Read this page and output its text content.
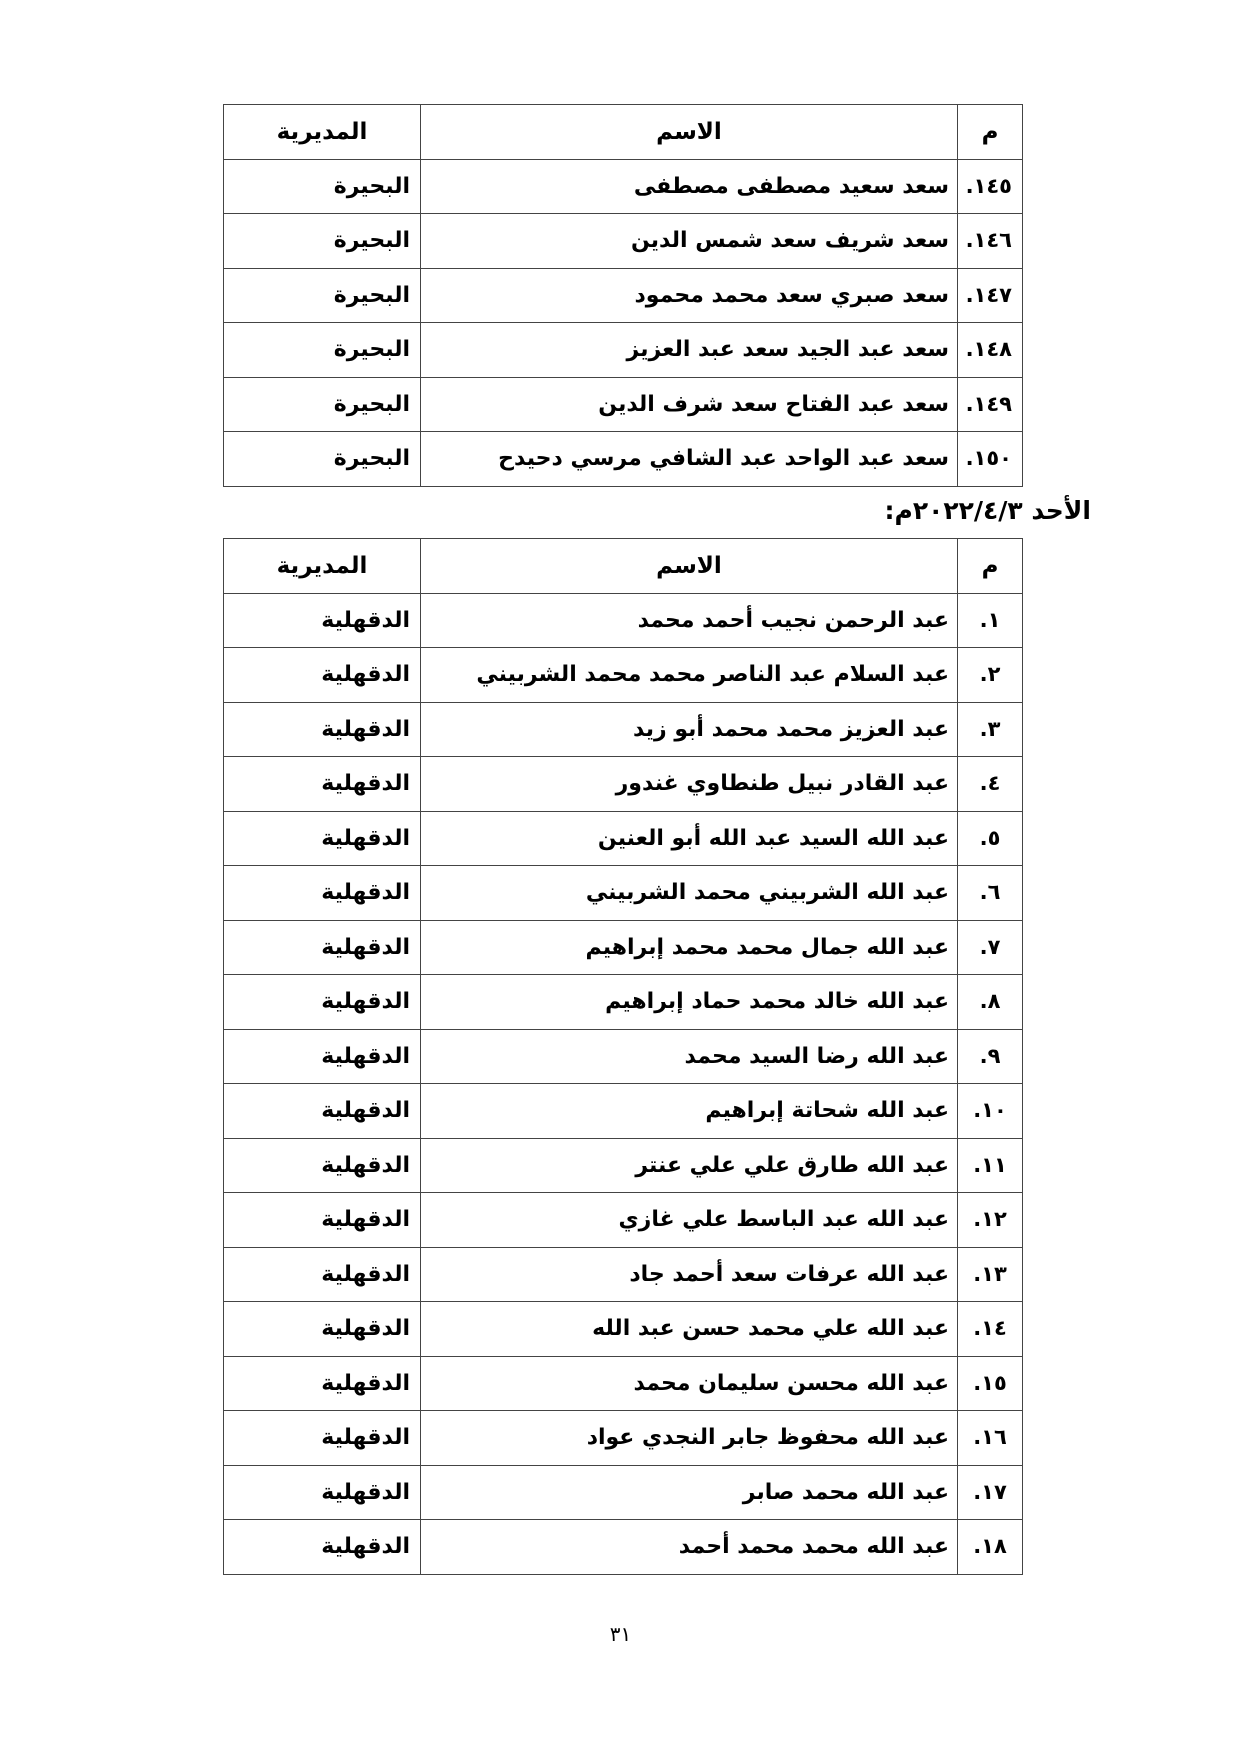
م	الاسم	المديرية
١٤٥.	سعد سعيد مصطفى مصطفى	البحيرة
١٤٦.	سعد شريف سعد شمس الدين	البحيرة
١٤٧.	سعد صبري سعد محمد محمود	البحيرة
١٤٨.	سعد عبد الجيد سعد عبد العزيز	البحيرة
١٤٩.	سعد عبد الفتاح سعد شرف الدين	البحيرة
١٥٠.	سعد عبد الواحد عبد الشافي مرسي دحيدح	البحيرة
الأحد ٢٠٢٢/٤/٣م:
م	الاسم	المديرية
١.	عبد الرحمن نجيب أحمد محمد	الدقهلية
٢.	عبد السلام عبد الناصر محمد محمد الشربيني	الدقهلية
٣.	عبد العزيز محمد محمد أبو زيد	الدقهلية
٤.	عبد القادر نبيل طنطاوي غندور	الدقهلية
٥.	عبد الله السيد عبد الله أبو العنين	الدقهلية
٦.	عبد الله الشربيني محمد الشربيني	الدقهلية
٧.	عبد الله جمال محمد محمد إبراهيم	الدقهلية
٨.	عبد الله خالد محمد حماد إبراهيم	الدقهلية
٩.	عبد الله رضا السيد محمد	الدقهلية
١٠.	عبد الله شحاتة إبراهيم	الدقهلية
١١.	عبد الله طارق علي علي عنتر	الدقهلية
١٢.	عبد الله عبد الباسط علي غازي	الدقهلية
١٣.	عبد الله عرفات سعد أحمد جاد	الدقهلية
١٤.	عبد الله علي محمد حسن عبد الله	الدقهلية
١٥.	عبد الله محسن سليمان محمد	الدقهلية
١٦.	عبد الله محفوظ جابر النجدي عواد	الدقهلية
١٧.	عبد الله محمد صابر	الدقهلية
١٨.	عبد الله محمد محمد أحمد	الدقهلية
٣١
